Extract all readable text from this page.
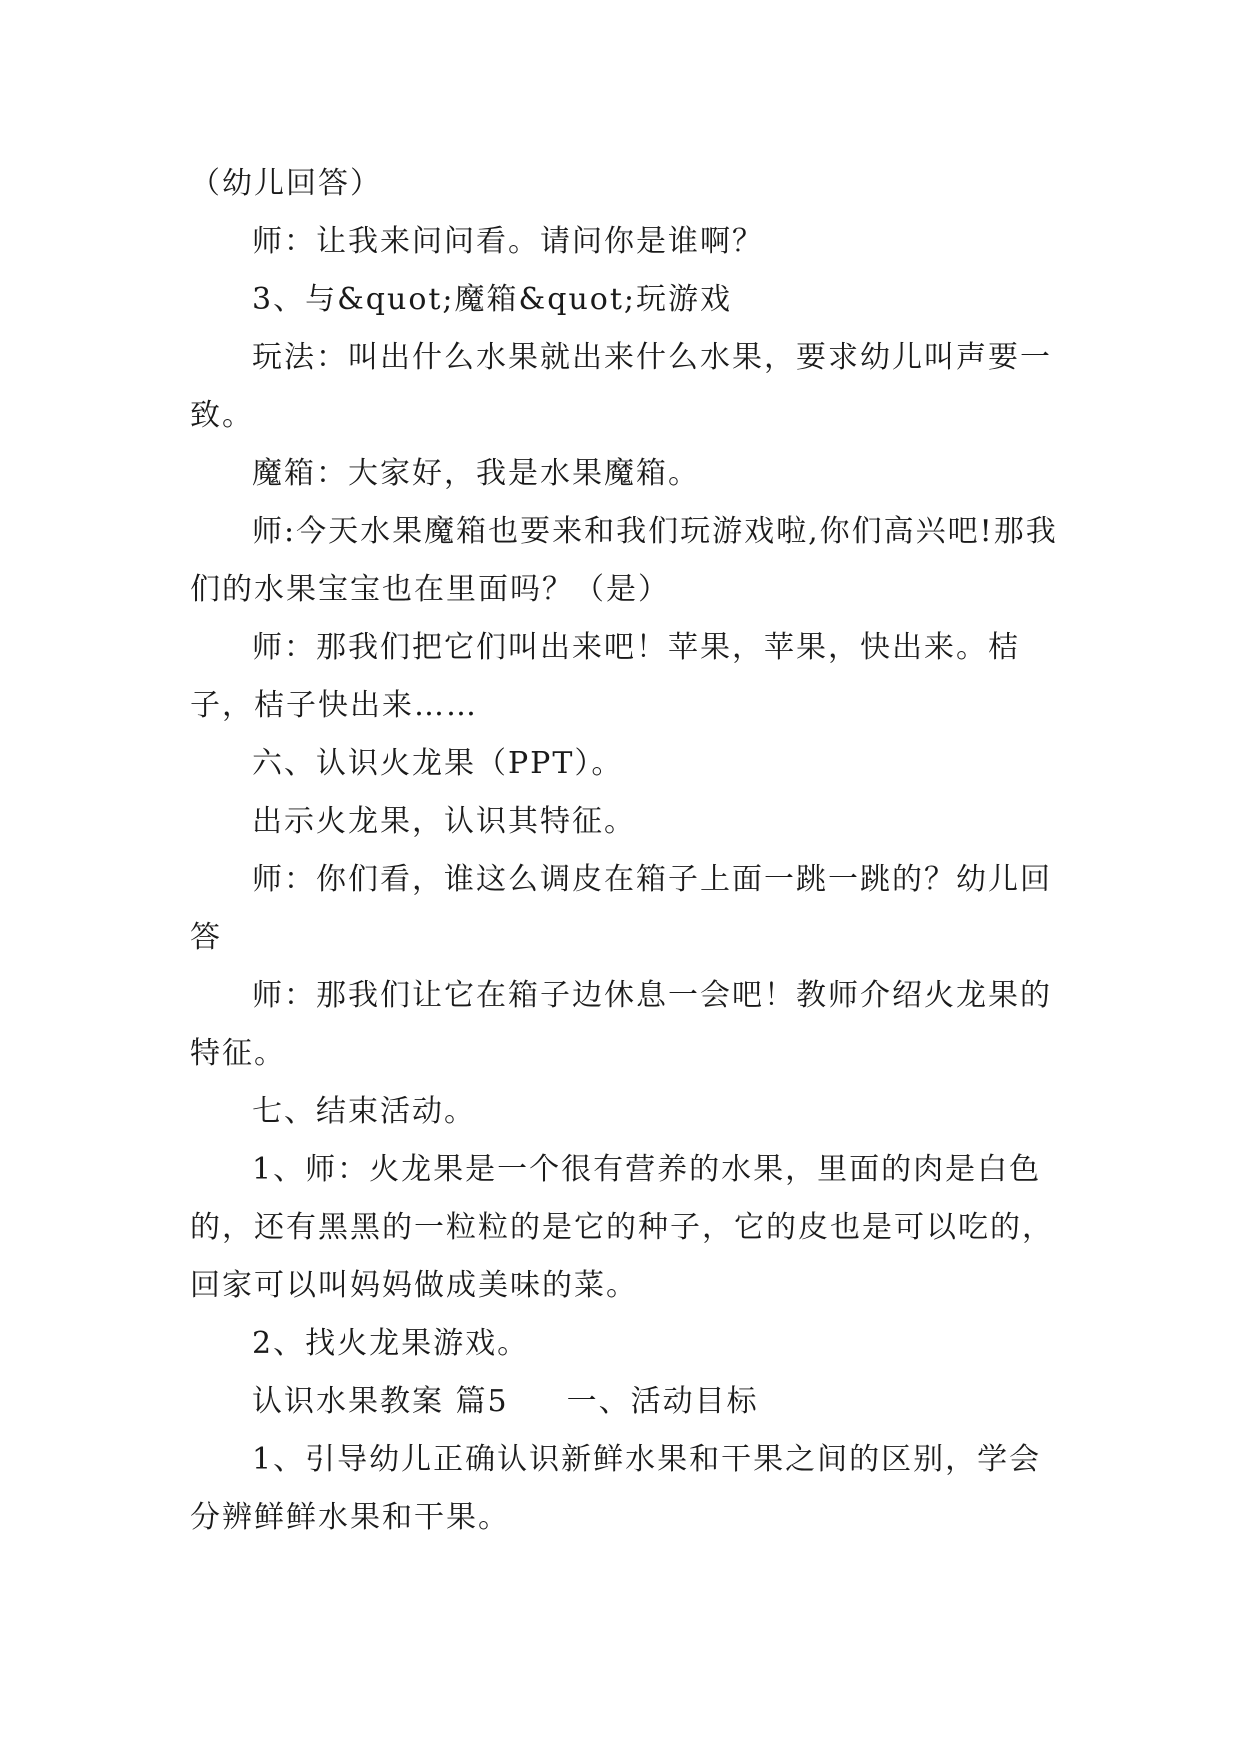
（幼儿回答）

师：让我来问问看。请问你是谁啊？

3、与&quot;魔箱&quot;玩游戏

玩法：叫出什么水果就出来什么水果，要求幼儿叫声要一致。

魔箱：大家好，我是水果魔箱。

师:今天水果魔箱也要来和我们玩游戏啦,你们高兴吧!那我们的水果宝宝也在里面吗？（是）

师：那我们把它们叫出来吧！苹果，苹果，快出来。桔子，桔子快出来……

六、认识火龙果（PPT）。

出示火龙果，认识其特征。

师：你们看，谁这么调皮在箱子上面一跳一跳的？幼儿回答

师：那我们让它在箱子边休息一会吧！教师介绍火龙果的特征。

七、结束活动。

1、师：火龙果是一个很有营养的水果，里面的肉是白色的，还有黑黑的一粒粒的是它的种子，它的皮也是可以吃的，回家可以叫妈妈做成美味的菜。

2、找火龙果游戏。

认识水果教案 篇5 一、活动目标

1、引导幼儿正确认识新鲜水果和干果之间的区别，学会分辨鲜鲜水果和干果。
